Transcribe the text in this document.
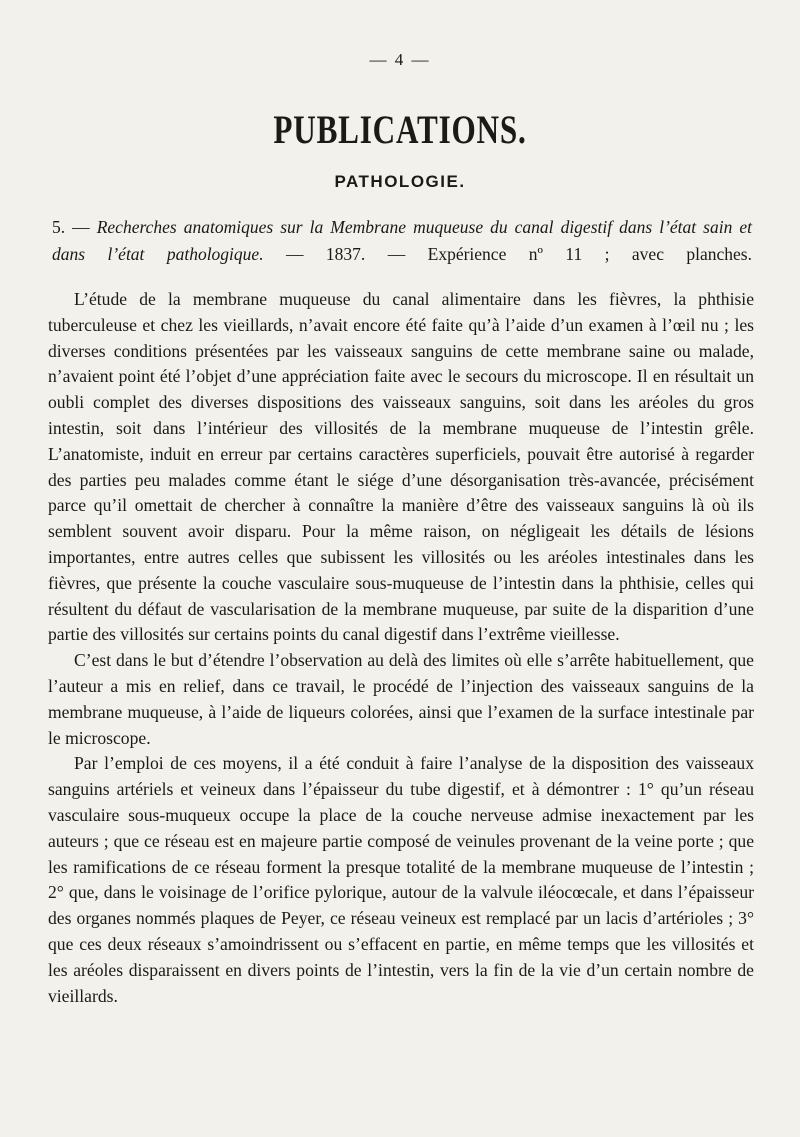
— 4 —
PUBLICATIONS.
PATHOLOGIE.
5. — Recherches anatomiques sur la Membrane muqueuse du canal digestif dans l’état sain et dans l’état pathologique. — 1837. — Expérience nº 11 ; avec planches.

L’étude de la membrane muqueuse du canal alimentaire dans les fièvres, la phthisie tuberculeuse et chez les vieillards, n’avait encore été faite qu’à l’aide d’un examen à l’œil nu ; les diverses conditions présentées par les vaisseaux sanguins de cette membrane saine ou malade, n’avaient point été l’objet d’une appréciation faite avec le secours du microscope. Il en résultait un oubli complet des diverses dispositions des vaisseaux sanguins, soit dans les aréoles du gros intestin, soit dans l’intérieur des villosités de la membrane muqueuse de l’intestin grêle. L’anatomiste, induit en erreur par certains caractères superficiels, pouvait être autorisé à regarder des parties peu malades comme étant le siége d’une désorganisation très-avancée, précisément parce qu’il omettait de chercher à connaître la manière d’être des vaisseaux sanguins là où ils semblent souvent avoir disparu. Pour la même raison, on négligeait les détails de lésions importantes, entre autres celles que subissent les villosités ou les aréoles intestinales dans les fièvres, que présente la couche vasculaire sous-muqueuse de l’intestin dans la phthisie, celles qui résultent du défaut de vascularisation de la membrane muqueuse, par suite de la disparition d’une partie des villosités sur certains points du canal digestif dans l’extrême vieillesse.

C’est dans le but d’étendre l’observation au delà des limites où elle s’arrête habituellement, que l’auteur a mis en relief, dans ce travail, le procédé de l’injection des vaisseaux sanguins de la membrane muqueuse, à l’aide de liqueurs colorées, ainsi que l’examen de la surface intestinale par le microscope.

Par l’emploi de ces moyens, il a été conduit à faire l’analyse de la disposition des vaisseaux sanguins artériels et veineux dans l’épaisseur du tube digestif, et à démontrer : 1° qu’un réseau vasculaire sous-muqueux occupe la place de la couche nerveuse admise inexactement par les auteurs ; que ce réseau est en majeure partie composé de veinules provenant de la veine porte ; que les ramifications de ce réseau forment la presque totalité de la membrane muqueuse de l’intestin ; 2° que, dans le voisinage de l’orifice pylorique, autour de la valvule iléocœcale, et dans l’épaisseur des organes nommés plaques de Peyer, ce réseau veineux est remplacé par un lacis d’artérioles ; 3° que ces deux réseaux s’amoindrissent ou s’effacent en partie, en même temps que les villosités et les aréoles disparaissent en divers points de l’intestin, vers la fin de la vie d’un certain nombre de vieillards.
